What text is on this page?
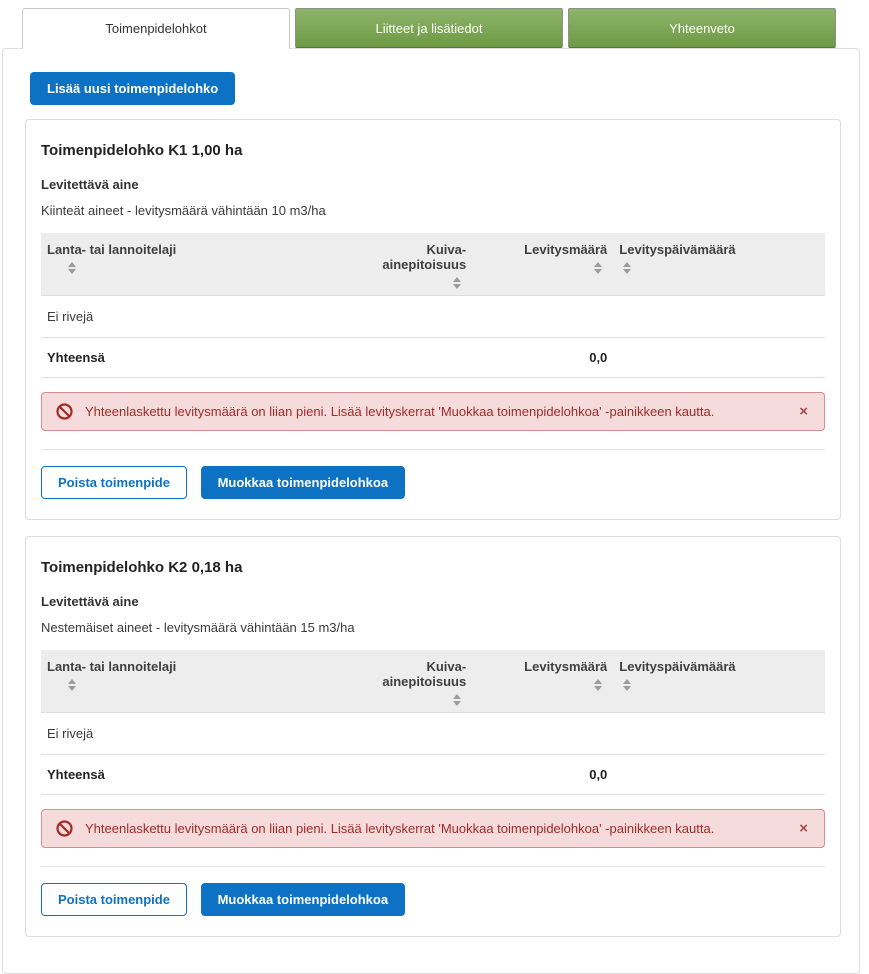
Toimenpidelohkot	Liitteet ja lisätiedot	Yhteenveto
Lisää uusi toimenpidelohko
Toimenpidelohko K1 1,00 ha
Levitettävä aine
Kiinteät aineet - levitysmäärä vähintään 10 m3/ha
Lanta- tai lannoitelaji	Kuiva-ainepitoisuus	Levitysmäärä	Levityspäivämäärä

Ei rivejä			
Yhteensä		0,0	
Yhteenlaskettu levitysmäärä on liian pieni. Lisää levityskerrat 'Muokkaa toimenpidelohkoa' -painikkeen kautta.	×
Poista toimenpide	Muokkaa toimenpidelohkoa
Toimenpidelohko K2 0,18 ha
Levitettävä aine
Nestemäiset aineet - levitysmäärä vähintään 15 m3/ha
Lanta- tai lannoitelaji	Kuiva-ainepitoisuus	Levitysmäärä	Levityspäivämäärä

Ei rivejä			
Yhteensä		0,0	
Yhteenlaskettu levitysmäärä on liian pieni. Lisää levityskerrat 'Muokkaa toimenpidelohkoa' -painikkeen kautta.	×
Poista toimenpide	Muokkaa toimenpidelohkoa
